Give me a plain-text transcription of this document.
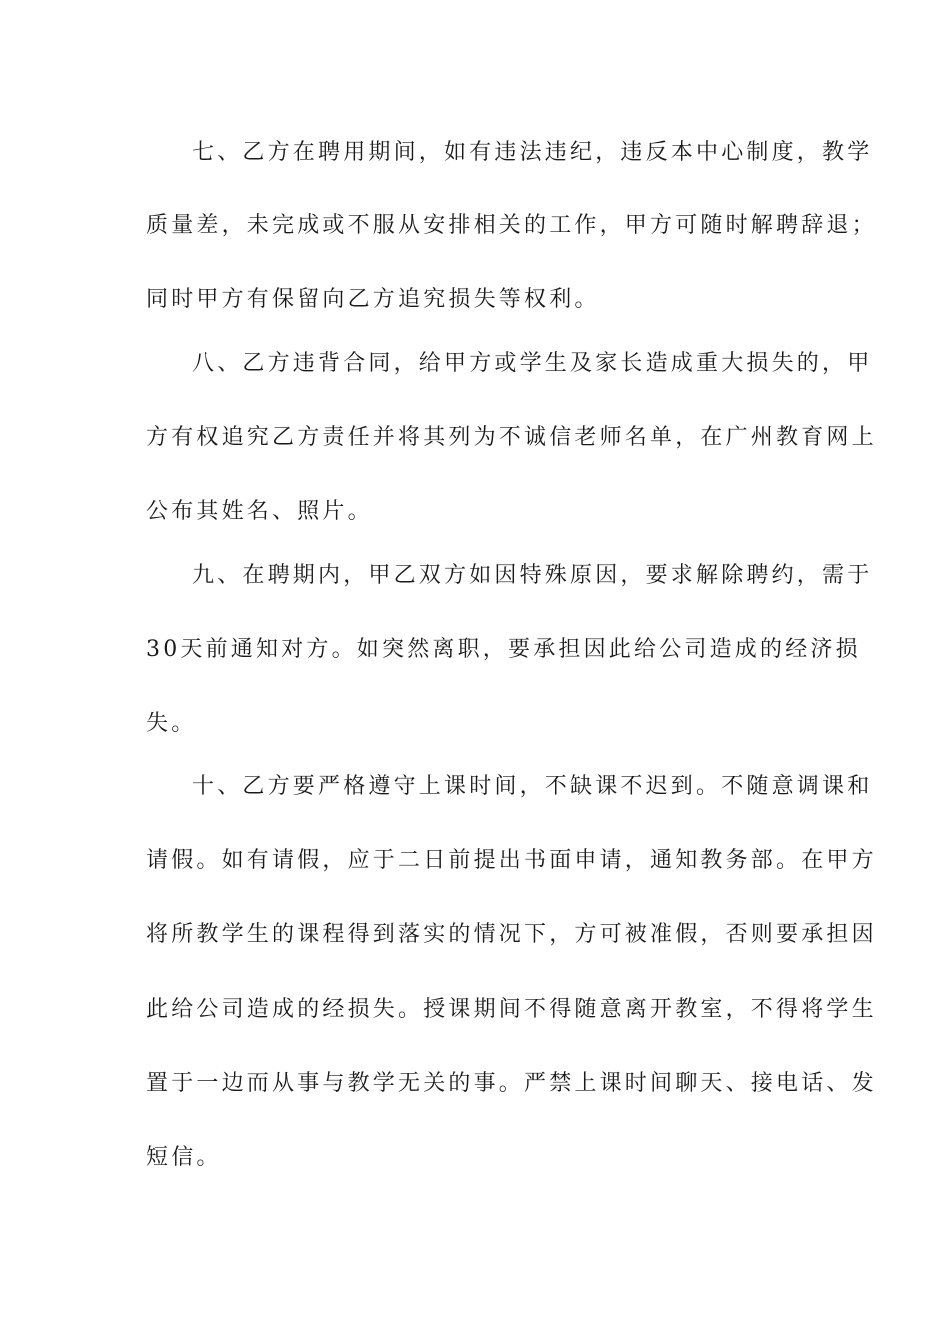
七、乙方在聘用期间，如有违法违纪，违反本中心制度，教学
质量差，未完成或不服从安排相关的工作，甲方可随时解聘辞退；
同时甲方有保留向乙方追究损失等权利。
八、乙方违背合同，给甲方或学生及家长造成重大损失的，甲
方有权追究乙方责任并将其列为不诚信老师名单，在广州教育网上
公布其姓名、照片。
九、在聘期内，甲乙双方如因特殊原因，要求解除聘约，需于
30天前通知对方。如突然离职，要承担因此给公司造成的经济损
失。
十、乙方要严格遵守上课时间，不缺课不迟到。不随意调课和
请假。如有请假，应于二日前提出书面申请，通知教务部。在甲方
将所教学生的课程得到落实的情况下，方可被准假，否则要承担因
此给公司造成的经损失。授课期间不得随意离开教室，不得将学生
置于一边而从事与教学无关的事。严禁上课时间聊天、接电话、发
短信。
